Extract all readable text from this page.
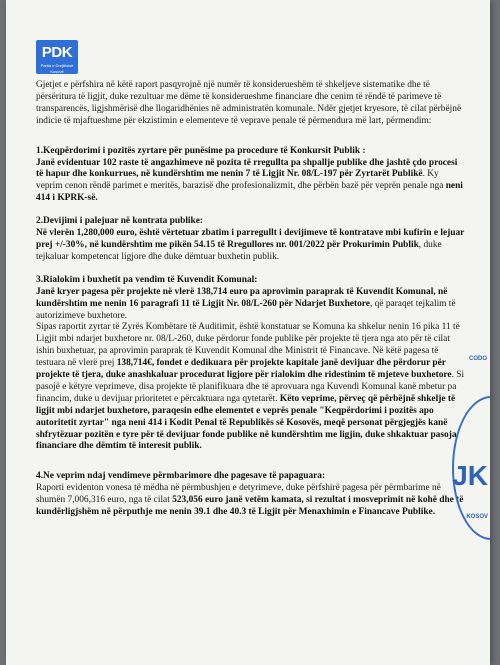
PDK
Partia e Drejtësisë Kosovë

Gjetjet e përfshira në këtë raport pasqyrojnë një numër të konsiderueshëm të shkeljeve sistematike dhe të përsëritura të ligjit, duke rezultuar me dëme të konsiderueshme financiare dhe cenim të rëndë të parimeve të transparencës, ligjshmërisë dhe llogaridhënies në administratën komunale. Ndër gjetjet kryesore, të cilat përbëjnë indicie të mjaftueshme për ekzistimin e elementeve të veprave penale të përmendura më lart, përmendim:

1.Keqpërdorimi i pozitës zyrtare për punësime pa procedure të Konkursit Publik :
Janë evidentuar 102 raste të angazhimeve në pozita të rregullta pa shpallje publike dhe jashtë çdo procesi të hapur dhe konkurrues, në kundërshtim me nenin 7 të Ligjit Nr. 08/L-197 për Zyrtarët Publikë. Ky veprim cenon rëndë parimet e meritës, barazisë dhe profesionalizmit, dhe përbën bazë për veprën penale nga neni 414 i KPRK-së.

2.Devijimi i palejuar në kontrata publike:
Në vlerën 1,280,000 euro, është vërtetuar zbatim i parregullt i devijimeve të kontratave mbi kufirin e lejuar prej +/-30%, në kundërshtim me pikën 54.15 të Rregullores nr. 001/2022 për Prokurimin Publik, duke tejkaluar kompetencat ligjore dhe duke dëmtuar buxhetin publik.

3.Rialokim i buxhetit pa vendim të Kuvendit Komunal:
Janë kryer pagesa për projekte në vlerë 138,714 euro pa aprovimin paraprak të Kuvendit Komunal, në kundërshtim me nenin 16 paragrafi 11 të Ligjit Nr. 08/L-260 për Ndarjet Buxhetore, që paraqet tejkalim të autorizimeve buxhetore.
Sipas raportit zyrtar të Zyrës Kombëtare të Auditimit, është konstatuar se Komuna ka shkelur nenin 16 pika 11 të Ligjit mbi ndarjet buxhetore nr. 08/L-260, duke përdorur fonde publike për projekte të tjera nga ato për të cilat ishin buxhetuar, pa aprovimin paraprak të Kuvendit Komunal dhe Ministrit të Financave. Në këtë pagesa të testuara në vlerë prej 138,714€, fondet e dedikuara për projekte kapitale janë devijuar dhe përdorur për projekte të tjera, duke anashkaluar procedurat ligjore për rialokim dhe ridestinim të mjeteve buxhetore. Si pasojë e këtyre veprimeve, disa projekte të planifikuara dhe të aprovuara nga Kuvendi Komunal kanë mbetur pa financim, duke u devijuar prioritetet e përcaktuara nga qytetarët. Këto veprime, përveç që përbëjnë shkelje të ligjit mbi ndarjet buxhetore, paraqesin edhe elementet e veprës penale "Keqpërdorimi i pozitës apo autoritetit zyrtar" nga neni 414 i Kodit Penal të Republikës së Kosovës, meqë personat përgjegjës kanë shfrytëzuar pozitën e tyre për të devijuar fonde publike në kundërshtim me ligjin, duke shkaktuar pasoja financiare dhe dëmtim të interesit publik.

4.Ne veprim ndaj vendimeve përmbarimore dhe pagesave të papaguara:
Raporti evidenton vonesa të mëdha në përmbushjen e detyrimeve, duke përfshirë pagesa për përmbarime në shumën 7,006,316 euro, nga të cilat 523,056 euro janë vetëm kamata, si rezultat i mosveprimit në kohë dhe të kundërligjshëm në përputhje me nenin 39.1 dhe 40.3 të Ligjit për Menaxhimin e Financave Publike.

CODO
JK
KOSOV
